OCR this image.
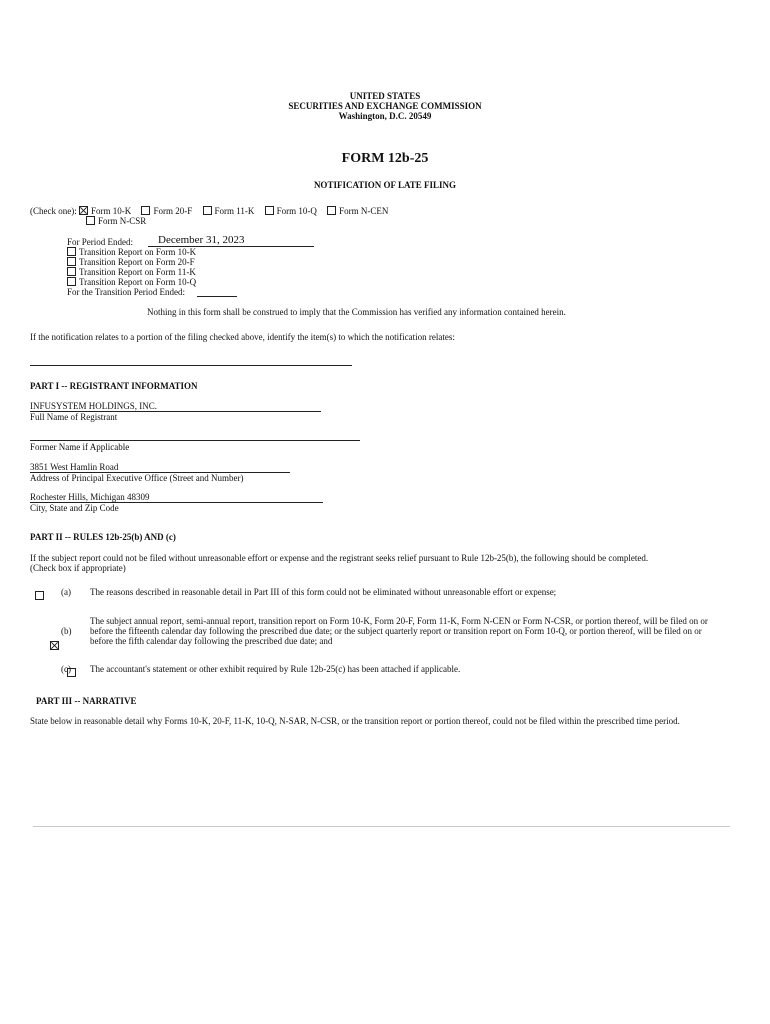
UNITED STATES
SECURITIES AND EXCHANGE COMMISSION
Washington, D.C. 20549
FORM 12b-25
NOTIFICATION OF LATE FILING
(Check one): Form 10-K Form 20-F Form 11-K Form 10-Q Form N-CEN
Form N-CSR
For Period Ended:	December 31, 2023
Transition Report on Form 10-K
Transition Report on Form 20-F
Transition Report on Form 11-K
Transition Report on Form 10-Q
For the Transition Period Ended:
Nothing in this form shall be construed to imply that the Commission has verified any information contained herein.
If the notification relates to a portion of the filing checked above, identify the item(s) to which the notification relates:
PART I -- REGISTRANT INFORMATION
INFUSYSTEM HOLDINGS, INC.
Full Name of Registrant
Former Name if Applicable
3851 West Hamlin Road
Address of Principal Executive Office (Street and Number)
Rochester Hills, Michigan 48309
City, State and Zip Code
PART II -- RULES 12b-25(b) AND (c)
If the subject report could not be filed without unreasonable effort or expense and the registrant seeks relief pursuant to Rule 12b-25(b), the following should be completed.
(Check box if appropriate)

(a) The reasons described in reasonable detail in Part III of this form could not be eliminated without unreasonable effort or expense;
(b)

The subject annual report, semi-annual report, transition report on Form 10-K, Form 20-F, Form 11-K, Form N-CEN or Form N-CSR, or portion thereof, will be filed on or before the fifteenth calendar day following the prescribed due date; or the subject quarterly report or transition report on Form 10-Q, or portion thereof, will be filed on or before the fifth calendar day following the prescribed due date; and
(c) The accountant's statement or other exhibit required by Rule 12b-25(c) has been attached if applicable.
PART III -- NARRATIVE
State below in reasonable detail why Forms 10-K, 20-F, 11-K, 10-Q, N-SAR, N-CSR, or the transition report or portion thereof, could not be filed within the prescribed time period.
